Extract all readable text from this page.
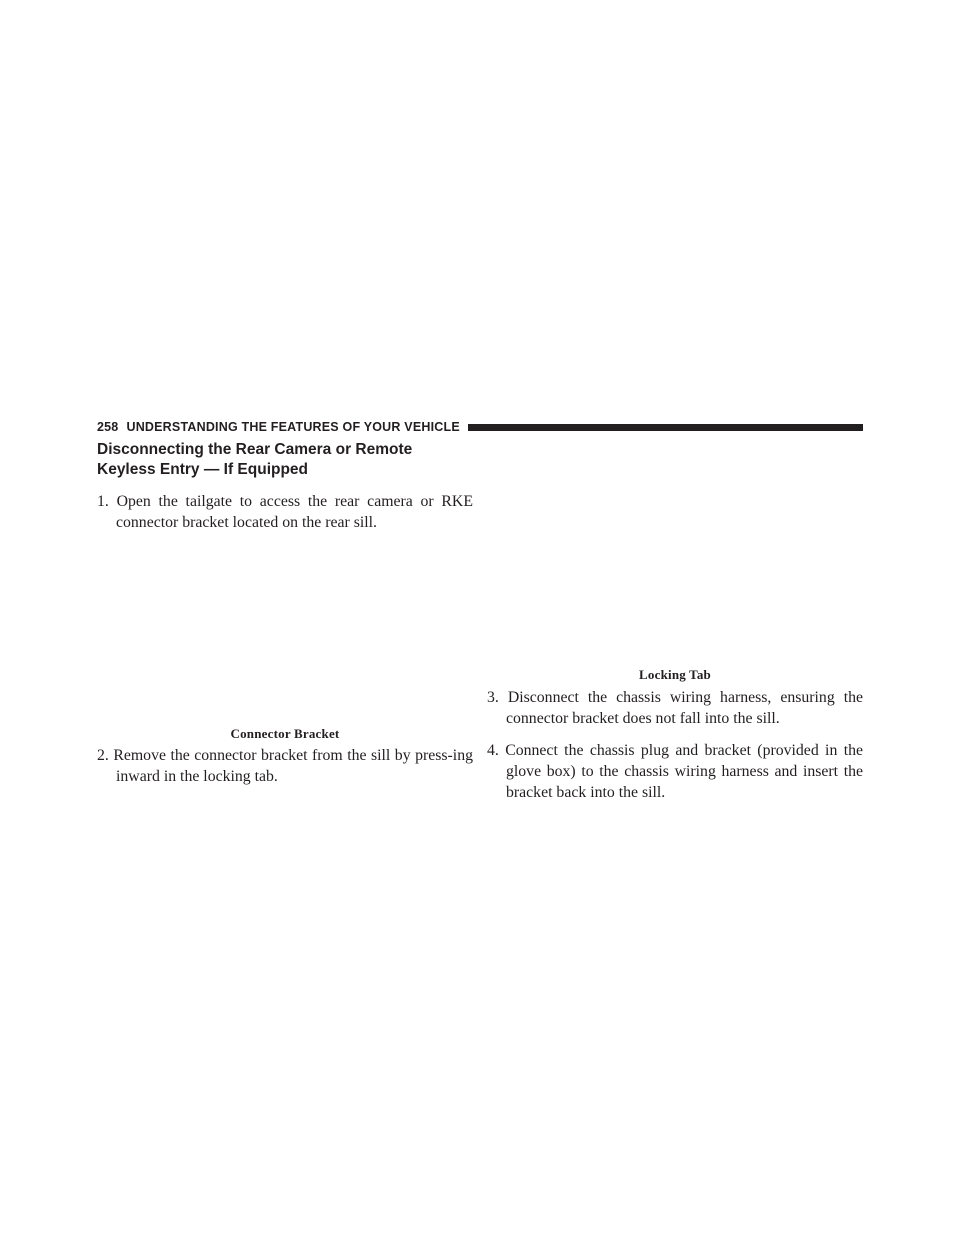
258 UNDERSTANDING THE FEATURES OF YOUR VEHICLE
Disconnecting the Rear Camera or Remote
Keyless Entry — If Equipped

1. Open the tailgate to access the rear camera or RKE connector bracket located on the rear sill.

Connector Bracket

2. Remove the connector bracket from the sill by press-ing inward in the locking tab.

Locking Tab

3. Disconnect the chassis wiring harness, ensuring the connector bracket does not fall into the sill.

4. Connect the chassis plug and bracket (provided in the glove box) to the chassis wiring harness and insert the bracket back into the sill.
